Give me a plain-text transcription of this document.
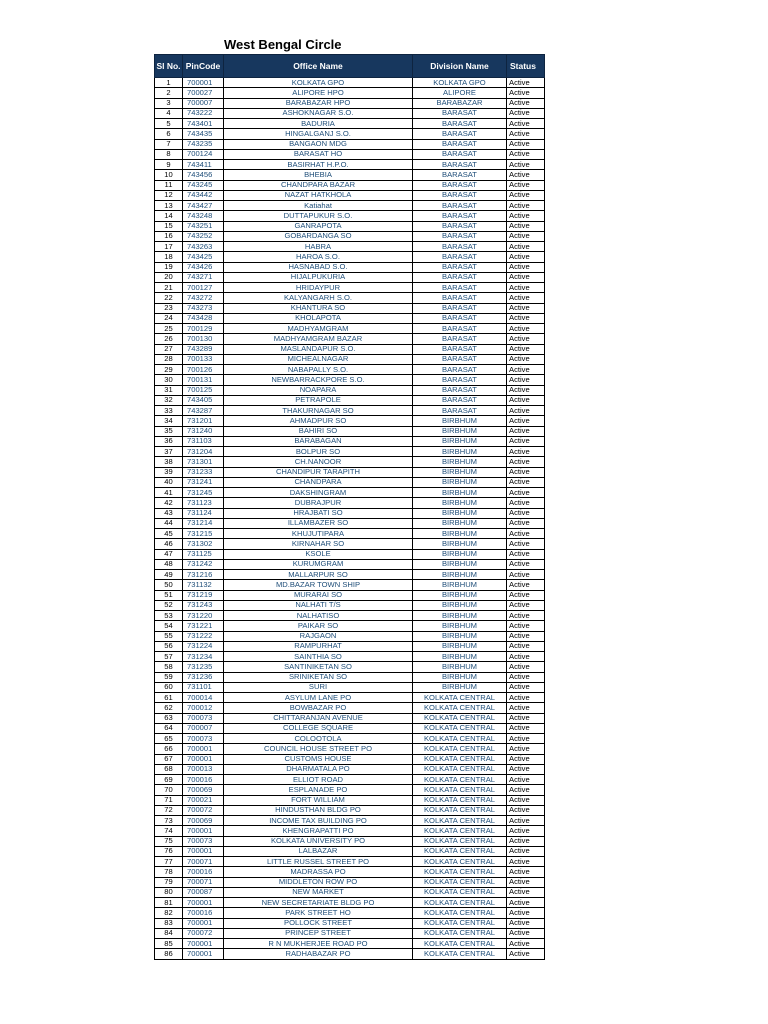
West Bengal Circle
Sl No.	PinCode	Office Name	Division Name	Status
1	700001	KOLKATA GPO	KOLKATA GPO	Active
2	700027	ALIPORE HPO	ALIPORE	Active
3	700007	BARABAZAR HPO	BARABAZAR	Active
4	743222	ASHOKNAGAR S.O.	BARASAT	Active
5	743401	BADURIA	BARASAT	Active
6	743435	HINGALGANJ S.O.	BARASAT	Active
7	743235	BANGAON MDG	BARASAT	Active
8	700124	BARASAT HO	BARASAT	Active
9	743411	BASIRHAT H.P.O.	BARASAT	Active
10	743456	BHEBIA	BARASAT	Active
11	743245	CHANDPARA BAZAR	BARASAT	Active
12	743442	NAZAT HATKHOLA	BARASAT	Active
13	743427	Katiahat	BARASAT	Active
14	743248	DUTTAPUKUR S.O.	BARASAT	Active
15	743251	GANRAPOTA	BARASAT	Active
16	743252	GOBARDANGA SO	BARASAT	Active
17	743263	HABRA	BARASAT	Active
18	743425	HAROA S.O.	BARASAT	Active
19	743426	HASNABAD S.O.	BARASAT	Active
20	743271	HIJALPUKURIA	BARASAT	Active
21	700127	HRIDAYPUR	BARASAT	Active
22	743272	KALYANGARH S.O.	BARASAT	Active
23	743273	KHANTURA SO	BARASAT	Active
24	743428	KHOLAPOTA	BARASAT	Active
25	700129	MADHYAMGRAM	BARASAT	Active
26	700130	MADHYAMGRAM BAZAR	BARASAT	Active
27	743289	MASLANDAPUR S.O.	BARASAT	Active
28	700133	MICHEALNAGAR	BARASAT	Active
29	700126	NABAPALLY S.O.	BARASAT	Active
30	700131	NEWBARRACKPORE S.O.	BARASAT	Active
31	700125	NOAPARA	BARASAT	Active
32	743405	PETRAPOLE	BARASAT	Active
33	743287	THAKURNAGAR SO	BARASAT	Active
34	731201	AHMADPUR SO	BIRBHUM	Active
35	731240	BAHIRI SO	BIRBHUM	Active
36	731103	BARABAGAN	BIRBHUM	Active
37	731204	BOLPUR SO	BIRBHUM	Active
38	731301	CH.NANOOR	BIRBHUM	Active
39	731233	CHANDIPUR TARAPITH	BIRBHUM	Active
40	731241	CHANDPARA	BIRBHUM	Active
41	731245	DAKSHINGRAM	BIRBHUM	Active
42	731123	DUBRAJPUR	BIRBHUM	Active
43	731124	HRAJBATI SO	BIRBHUM	Active
44	731214	ILLAMBAZER SO	BIRBHUM	Active
45	731215	KHUJUTIPARA	BIRBHUM	Active
46	731302	KIRNAHAR SO	BIRBHUM	Active
47	731125	KSOLE	BIRBHUM	Active
48	731242	KURUMGRAM	BIRBHUM	Active
49	731216	MALLARPUR SO	BIRBHUM	Active
50	731132	MD.BAZAR TOWN SHIP	BIRBHUM	Active
51	731219	MURARAI SO	BIRBHUM	Active
52	731243	NALHATI T/S	BIRBHUM	Active
53	731220	NALHATISO	BIRBHUM	Active
54	731221	PAIKAR SO	BIRBHUM	Active
55	731222	RAJGAON	BIRBHUM	Active
56	731224	RAMPURHAT	BIRBHUM	Active
57	731234	SAINTHIA SO	BIRBHUM	Active
58	731235	SANTINIKETAN SO	BIRBHUM	Active
59	731236	SRINIKETAN SO	BIRBHUM	Active
60	731101	SURI	BIRBHUM	Active
61	700014	ASYLUM LANE PO	KOLKATA CENTRAL	Active
62	700012	BOWBAZAR PO	KOLKATA CENTRAL	Active
63	700073	CHITTARANJAN AVENUE	KOLKATA CENTRAL	Active
64	700007	COLLEGE SQUARE	KOLKATA CENTRAL	Active
65	700073	COLOOTOLA	KOLKATA CENTRAL	Active
66	700001	COUNCIL HOUSE STREET PO	KOLKATA CENTRAL	Active
67	700001	CUSTOMS HOUSE	KOLKATA CENTRAL	Active
68	700013	DHARMATALA PO	KOLKATA CENTRAL	Active
69	700016	ELLIOT ROAD	KOLKATA CENTRAL	Active
70	700069	ESPLANADE PO	KOLKATA CENTRAL	Active
71	700021	FORT WILLIAM	KOLKATA CENTRAL	Active
72	700072	HINDUSTHAN BLDG PO	KOLKATA CENTRAL	Active
73	700069	INCOME TAX BUILDING PO	KOLKATA CENTRAL	Active
74	700001	KHENGRAPATTI PO	KOLKATA CENTRAL	Active
75	700073	KOLKATA UNIVERSITY PO	KOLKATA CENTRAL	Active
76	700001	LALBAZAR	KOLKATA CENTRAL	Active
77	700071	LITTLE RUSSEL STREET PO	KOLKATA CENTRAL	Active
78	700016	MADRASSA PO	KOLKATA CENTRAL	Active
79	700071	MIDDLETON ROW PO	KOLKATA CENTRAL	Active
80	700087	NEW MARKET	KOLKATA CENTRAL	Active
81	700001	NEW SECRETARIATE BLDG PO	KOLKATA CENTRAL	Active
82	700016	PARK STREET HO	KOLKATA CENTRAL	Active
83	700001	POLLOCK STREET	KOLKATA CENTRAL	Active
84	700072	PRINCEP STREET	KOLKATA CENTRAL	Active
85	700001	R N MUKHERJEE ROAD PO	KOLKATA CENTRAL	Active
86	700001	RADHABAZAR PO	KOLKATA CENTRAL	Active
